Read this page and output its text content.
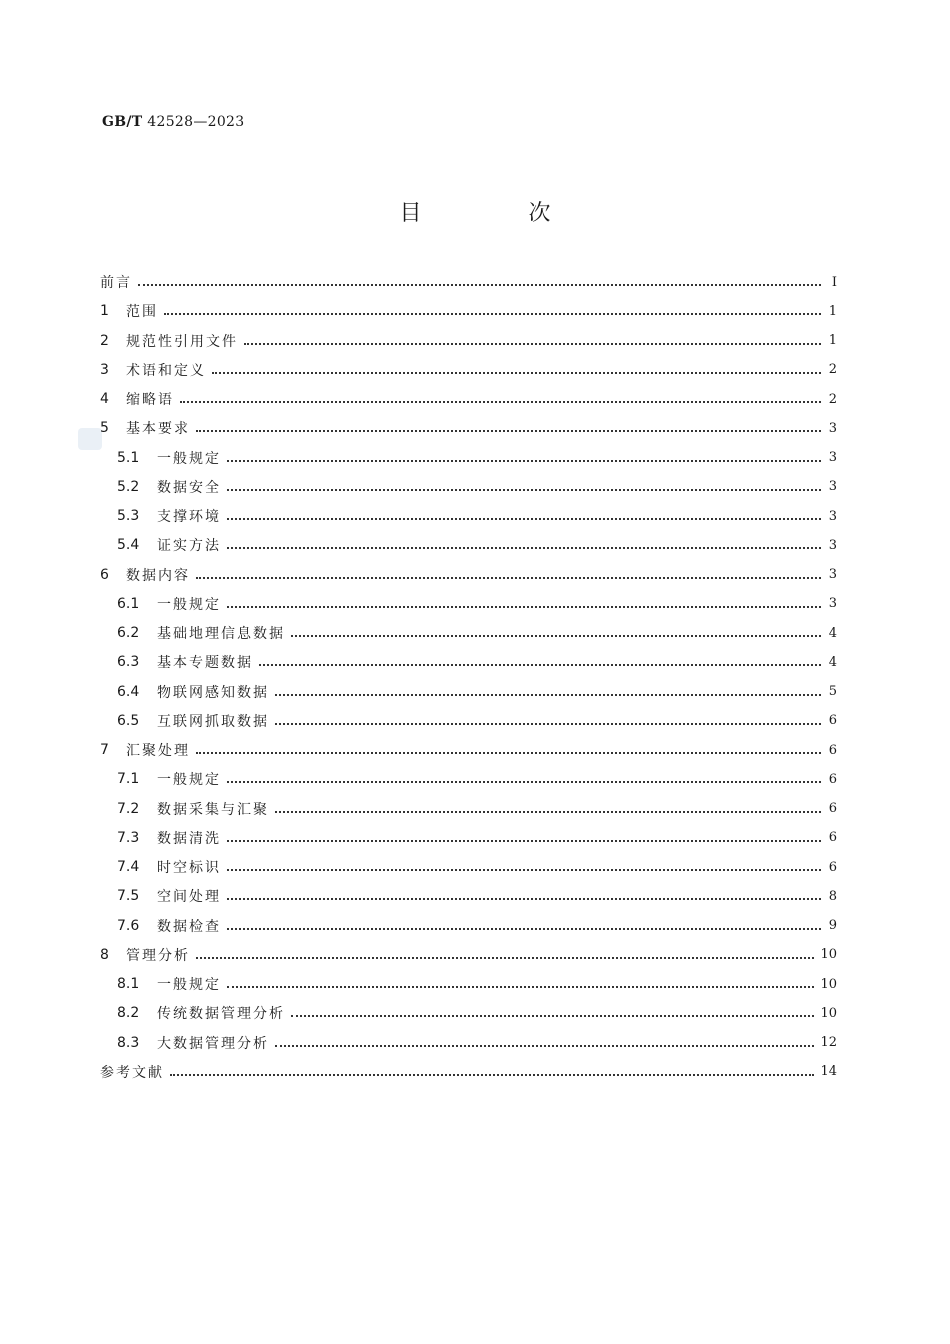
GB/T 42528—2023
目 次
前言	Ⅰ
1	范围	1
2	规范性引用文件	1
3	术语和定义	2
4	缩略语	2
5	基本要求	3
5.1	一般规定	3
5.2	数据安全	3
5.3	支撑环境	3
5.4	证实方法	3
6	数据内容	3
6.1	一般规定	3
6.2	基础地理信息数据	4
6.3	基本专题数据	4
6.4	物联网感知数据	5
6.5	互联网抓取数据	6
7	汇聚处理	6
7.1	一般规定	6
7.2	数据采集与汇聚	6
7.3	数据清洗	6
7.4	时空标识	6
7.5	空间处理	8
7.6	数据检查	9
8	管理分析	10
8.1	一般规定	10
8.2	传统数据管理分析	10
8.3	大数据管理分析	12
参考文献	14
